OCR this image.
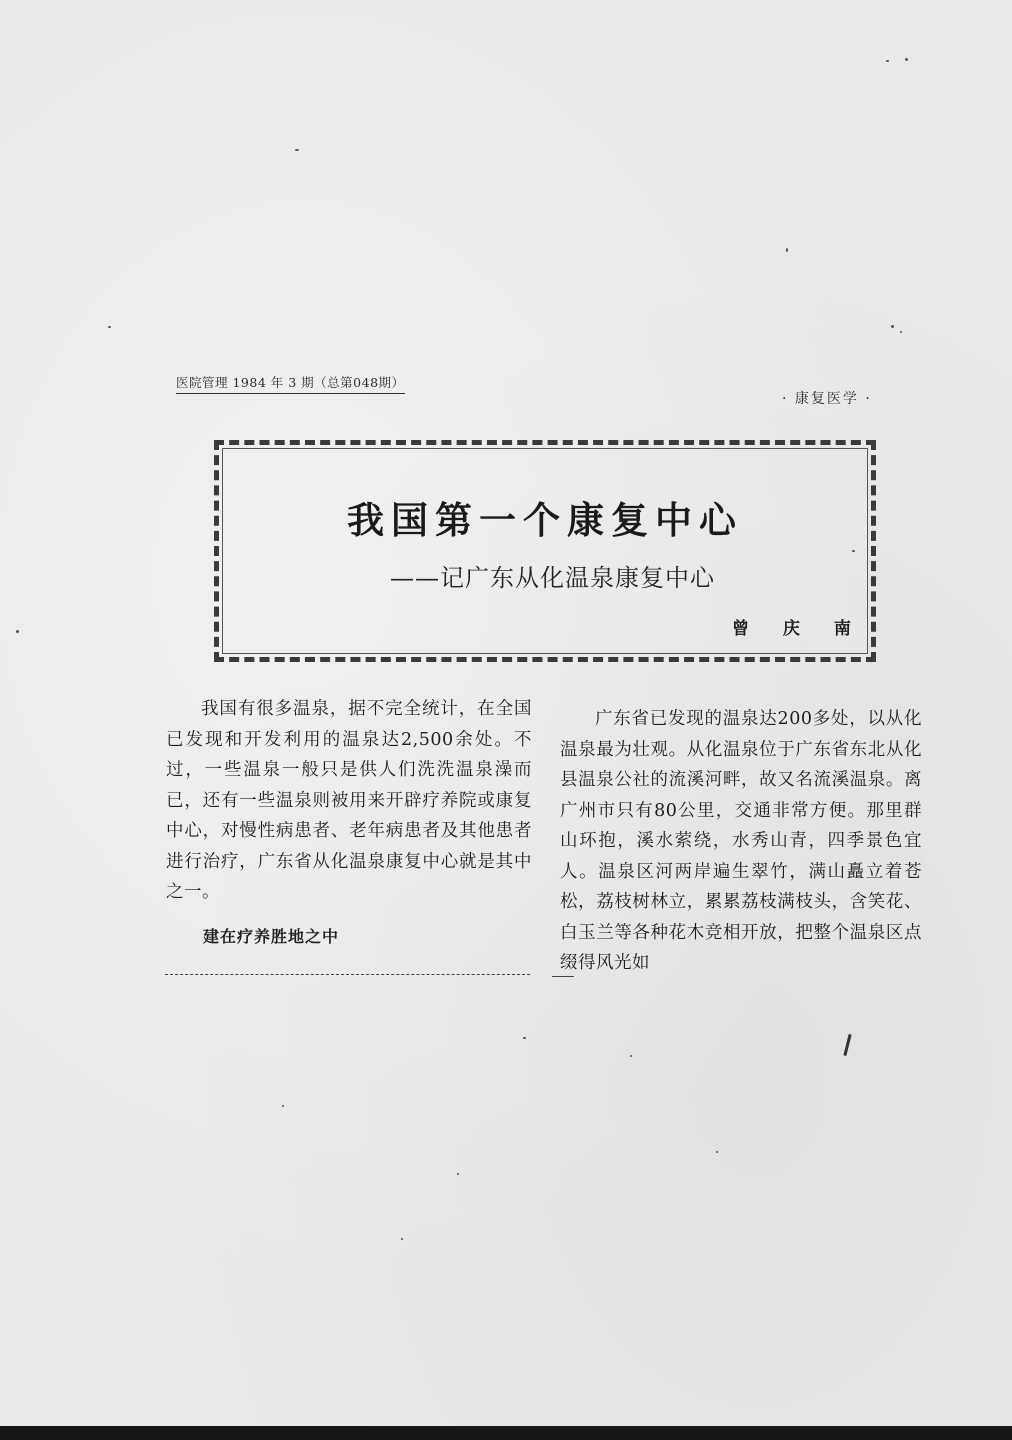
医院管理 1984 年 3 期（总第048期）
· 康复医学 ·
我国第一个康复中心
——记广东从化温泉康复中心
曾 庆 南

我国有很多温泉，据不完全统计，在全国已发现和开发利用的温泉达2,500余处。不过，一些温泉一般只是供人们洗洗温泉澡而已，还有一些温泉则被用来开辟疗养院或康复中心，对慢性病患者、老年病患者及其他患者进行治疗，广东省从化温泉康复中心就是其中之一。

建在疗养胜地之中

广东省已发现的温泉达200多处，以从化温泉最为壮观。从化温泉位于广东省东北从化县温泉公社的流溪河畔，故又名流溪温泉。离广州市只有80公里，交通非常方便。那里群山环抱，溪水萦绕，水秀山青，四季景色宜人。温泉区河两岸遍生翠竹，满山矗立着苍松，荔枝树林立，累累荔枝满枝头，含笑花、白玉兰等各种花木竞相开放，把整个温泉区点缀得风光如
